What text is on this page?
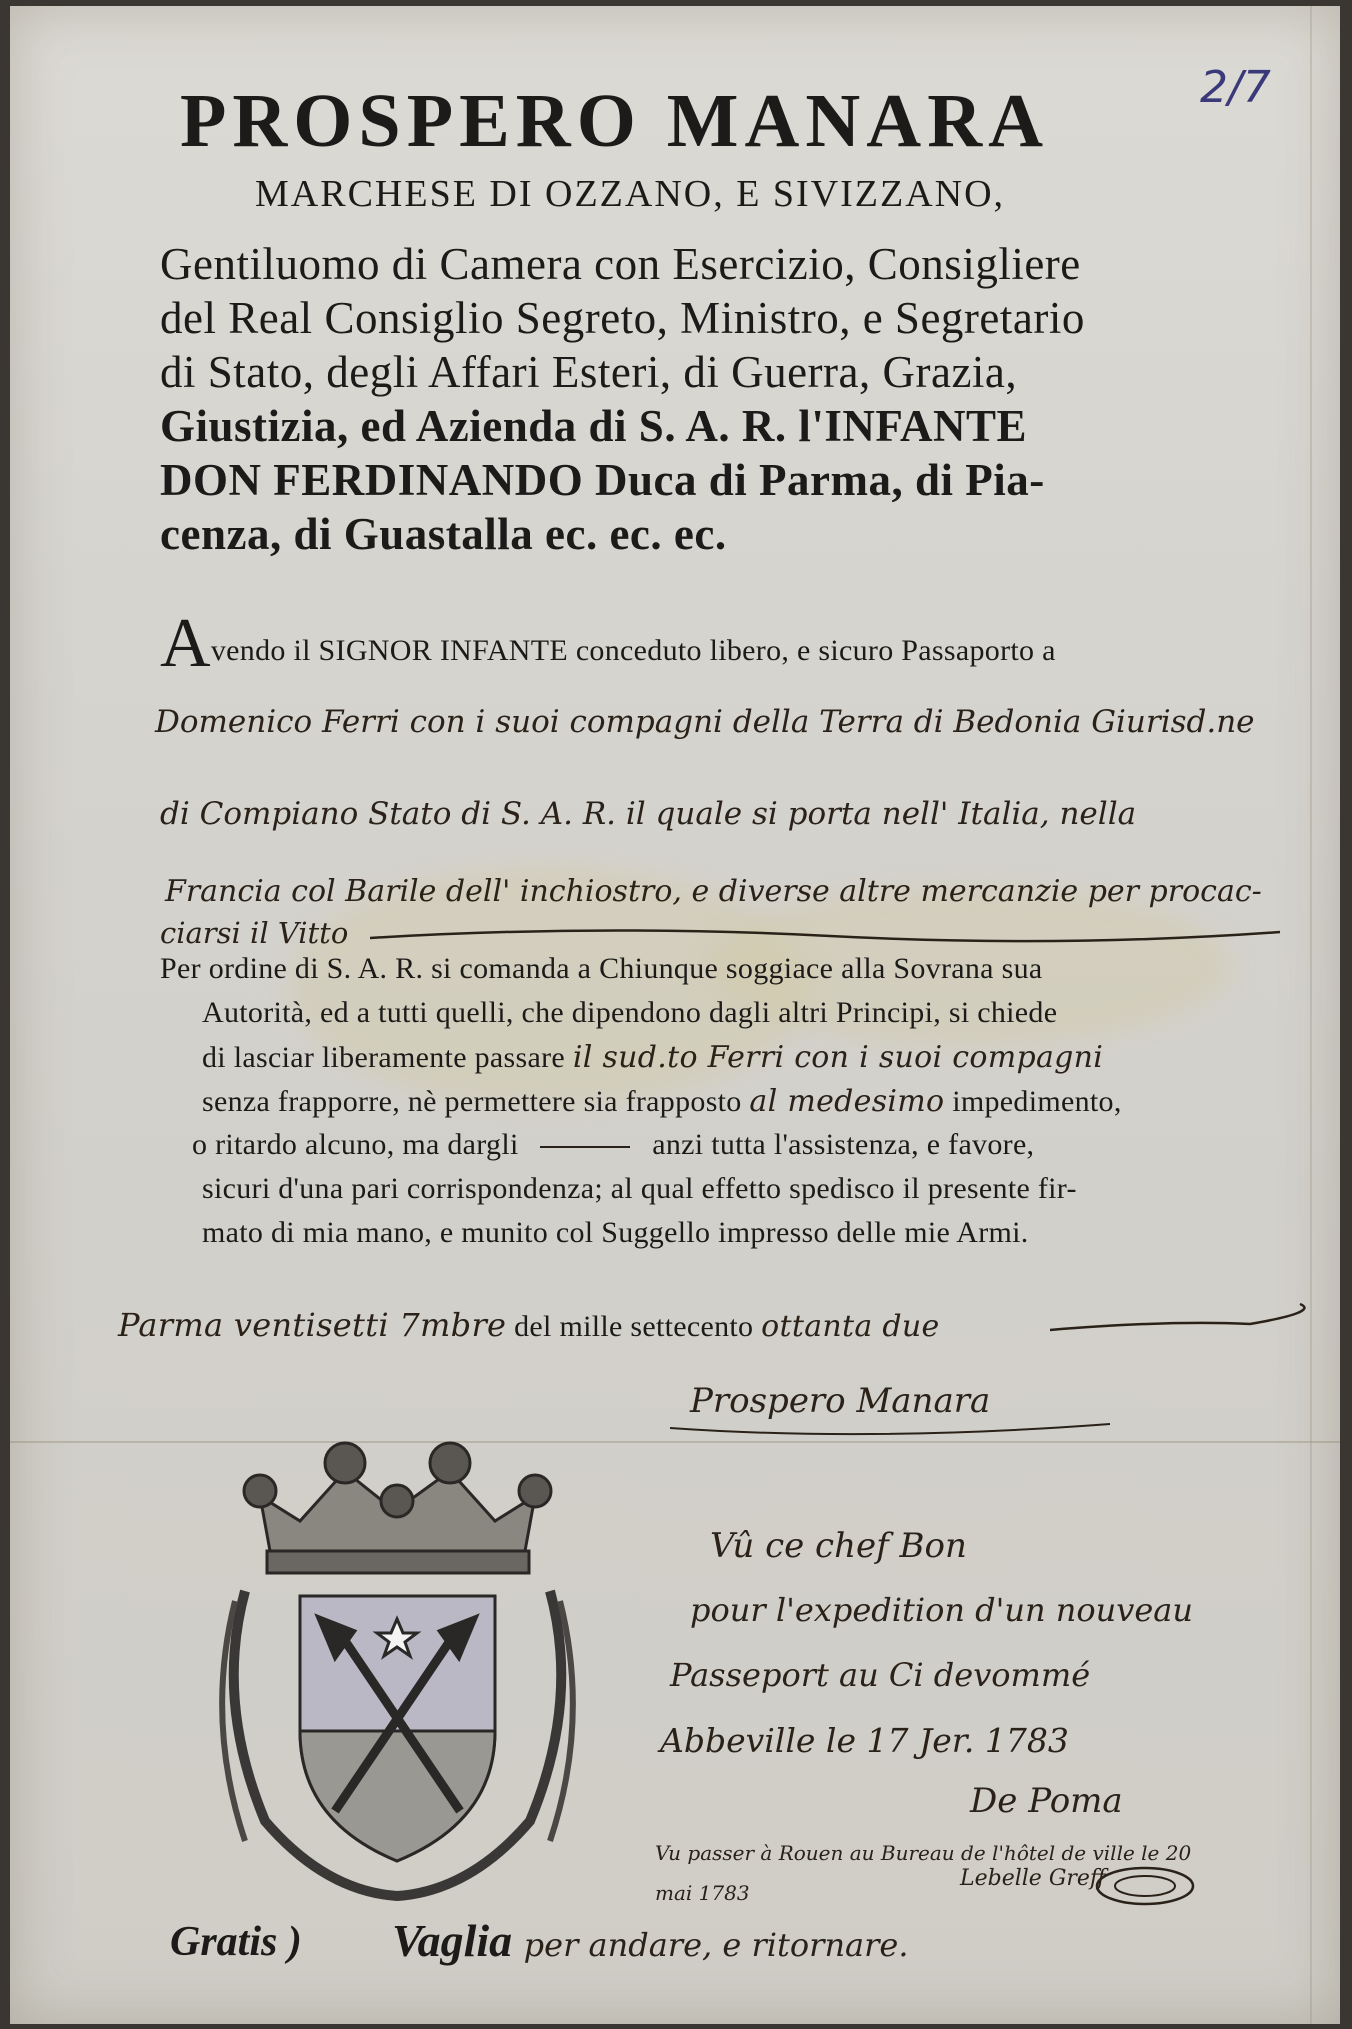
2/7
PROSPERO MANARA
MARCHESE DI OZZANO, E SIVIZZANO,
Gentiluomo di Camera con Esercizio, Consigliere
del Real Consiglio Segreto, Ministro, e Segretario
di Stato, degli Affari Esteri, di Guerra, Grazia,
Giustizia, ed Azienda di S. A. R. l'INFANTE
DON FERDINANDO Duca di Parma, di Pia-
cenza, di Guastalla ec. ec. ec.
Avendo il SIGNOR INFANTE conceduto libero, e sicuro Passaporto a
Domenico Ferri con i suoi compagni della Terra di Bedonia Giurisd.ne
di Compiano Stato di S. A. R. il quale si porta nell' Italia, nella
Francia col Barile dell' inchiostro, e diverse altre mercanzie per procac-
ciarsi il Vitto
Per ordine di S. A. R. si comanda a Chiunque soggiace alla Sovrana sua
Autorità, ed a tutti quelli, che dipendono dagli altri Principi, si chiede
di lasciar liberamente passare il sud.to Ferri con i suoi compagni
senza frapporre, nè permettere sia frapposto al medesimo impedimento,
o ritardo alcuno, ma dargli	anzi tutta l'assistenza, e favore,
sicuri d'una pari corrispondenza; al qual effetto spedisco il presente fir-
mato di mia mano, e munito col Suggello impresso delle mie Armi.
Parma ventisetti 7mbre del mille settecento ottanta due
Prospero Manara
Vû ce chef Bon
pour l'expedition d'un nouveau
Passeport au Ci devommé
Abbeville le 17 Jer. 1783
De Poma
Vu passer à Rouen au Bureau de l'hôtel de ville le 20
mai 1783
Lebelle Greff
Gratis ) Vaglia per andare, e ritornare.
